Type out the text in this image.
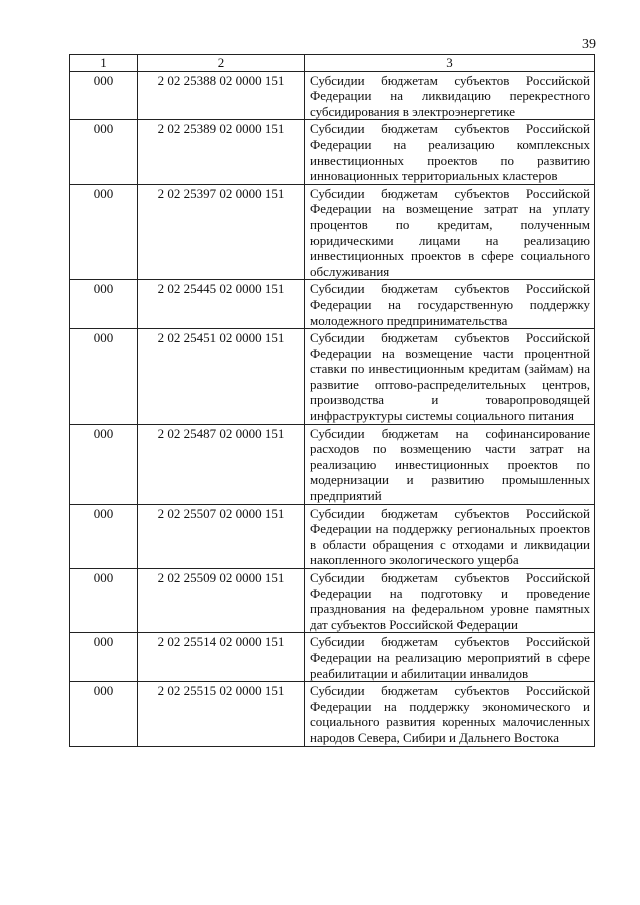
39
1	2	3
000	2 02 25388 02 0000 151	Субсидии бюджетам субъектов Российской Федерации на ликвидацию перекрестного субсидирования в электроэнергетике
000	2 02 25389 02 0000 151	Субсидии бюджетам субъектов Российской Федерации на реализацию комплексных инвестиционных проектов по развитию инновационных территориальных кластеров
000	2 02 25397 02 0000 151	Субсидии бюджетам субъектов Российской Федерации на возмещение затрат на уплату процентов по кредитам, полученным юридическими лицами на реализацию инвестиционных проектов в сфере социального обслуживания
000	2 02 25445 02 0000 151	Субсидии бюджетам субъектов Российской Федерации на государственную поддержку молодежного предпринимательства
000	2 02 25451 02 0000 151	Субсидии бюджетам субъектов Российской Федерации на возмещение части процентной ставки по инвестиционным кредитам (займам) на развитие оптово-распределительных центров, производства и товаропроводящей инфраструктуры системы социального питания
000	2 02 25487 02 0000 151	Субсидии бюджетам на софинансирование расходов по возмещению части затрат на реализацию инвестиционных проектов по модернизации и развитию промышленных предприятий
000	2 02 25507 02 0000 151	Субсидии бюджетам субъектов Российской Федерации на поддержку региональных проектов в области обращения с отходами и ликвидации накопленного экологического ущерба
000	2 02 25509 02 0000 151	Субсидии бюджетам субъектов Российской Федерации на подготовку и проведение празднования на федеральном уровне памятных дат субъектов Российской Федерации
000	2 02 25514 02 0000 151	Субсидии бюджетам субъектов Российской Федерации на реализацию мероприятий в сфере реабилитации и абилитации инвалидов
000	2 02 25515 02 0000 151	Субсидии бюджетам субъектов Российской Федерации на поддержку экономического и социального развития коренных малочисленных народов Севера, Сибири и Дальнего Востока
